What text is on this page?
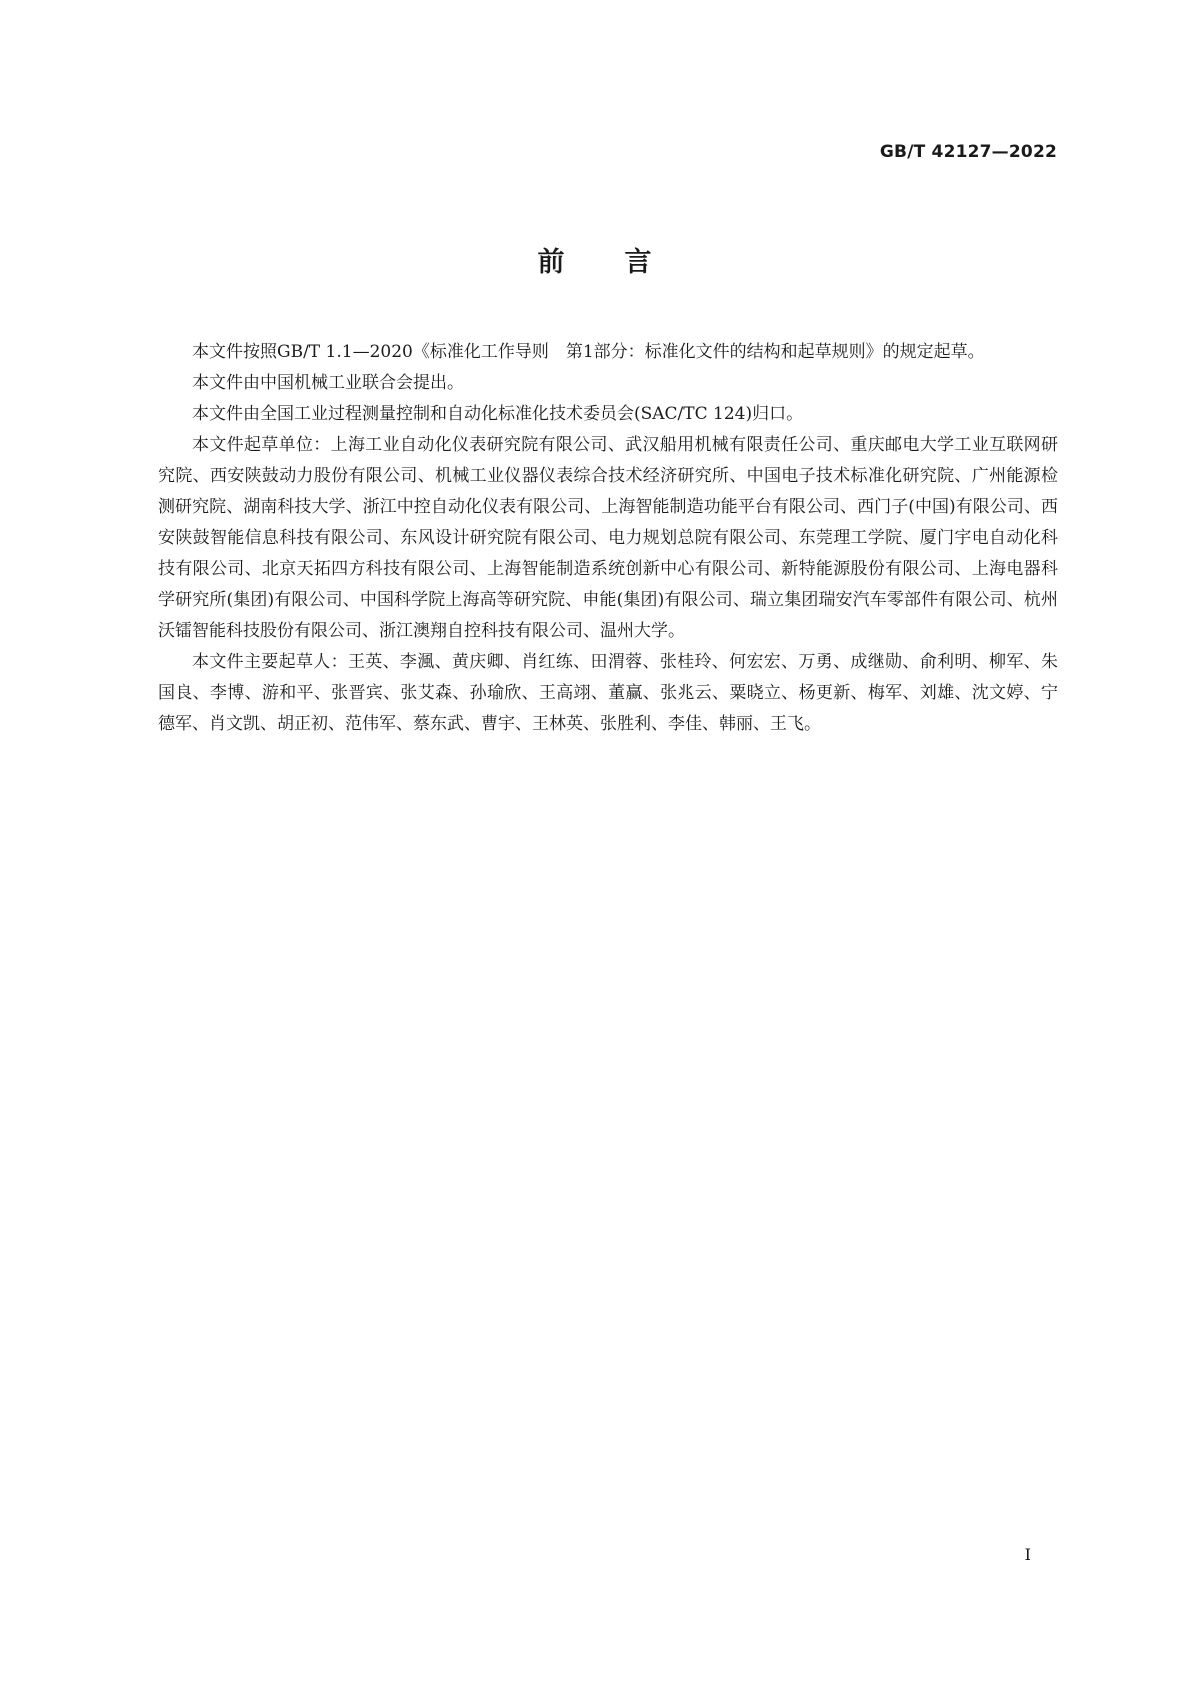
GB/T 42127—2022
前 言

本文件按照GB/T 1.1—2020《标准化工作导则　第1部分：标准化文件的结构和起草规则》的规定起草。

本文件由中国机械工业联合会提出。

本文件由全国工业过程测量控制和自动化标准化技术委员会(SAC/TC 124)归口。

本文件起草单位：上海工业自动化仪表研究院有限公司、武汉船用机械有限责任公司、重庆邮电大学工业互联网研究院、西安陕鼓动力股份有限公司、机械工业仪器仪表综合技术经济研究所、中国电子技术标准化研究院、广州能源检测研究院、湖南科技大学、浙江中控自动化仪表有限公司、上海智能制造功能平台有限公司、西门子(中国)有限公司、西安陕鼓智能信息科技有限公司、东风设计研究院有限公司、电力规划总院有限公司、东莞理工学院、厦门宇电自动化科技有限公司、北京天拓四方科技有限公司、上海智能制造系统创新中心有限公司、新特能源股份有限公司、上海电器科学研究所(集团)有限公司、中国科学院上海高等研究院、申能(集团)有限公司、瑞立集团瑞安汽车零部件有限公司、杭州沃镭智能科技股份有限公司、浙江澳翔自控科技有限公司、温州大学。

本文件主要起草人：王英、李渢、黄庆卿、肖红练、田渭蓉、张桂玲、何宏宏、万勇、成继勋、俞利明、柳军、朱国良、李博、游和平、张晋宾、张艾森、孙瑜欣、王高翊、董赢、张兆云、粟晓立、杨更新、梅军、刘雄、沈文婷、宁德军、肖文凯、胡正初、范伟军、蔡东武、曹宇、王林英、张胜利、李佳、韩丽、王飞。

I
